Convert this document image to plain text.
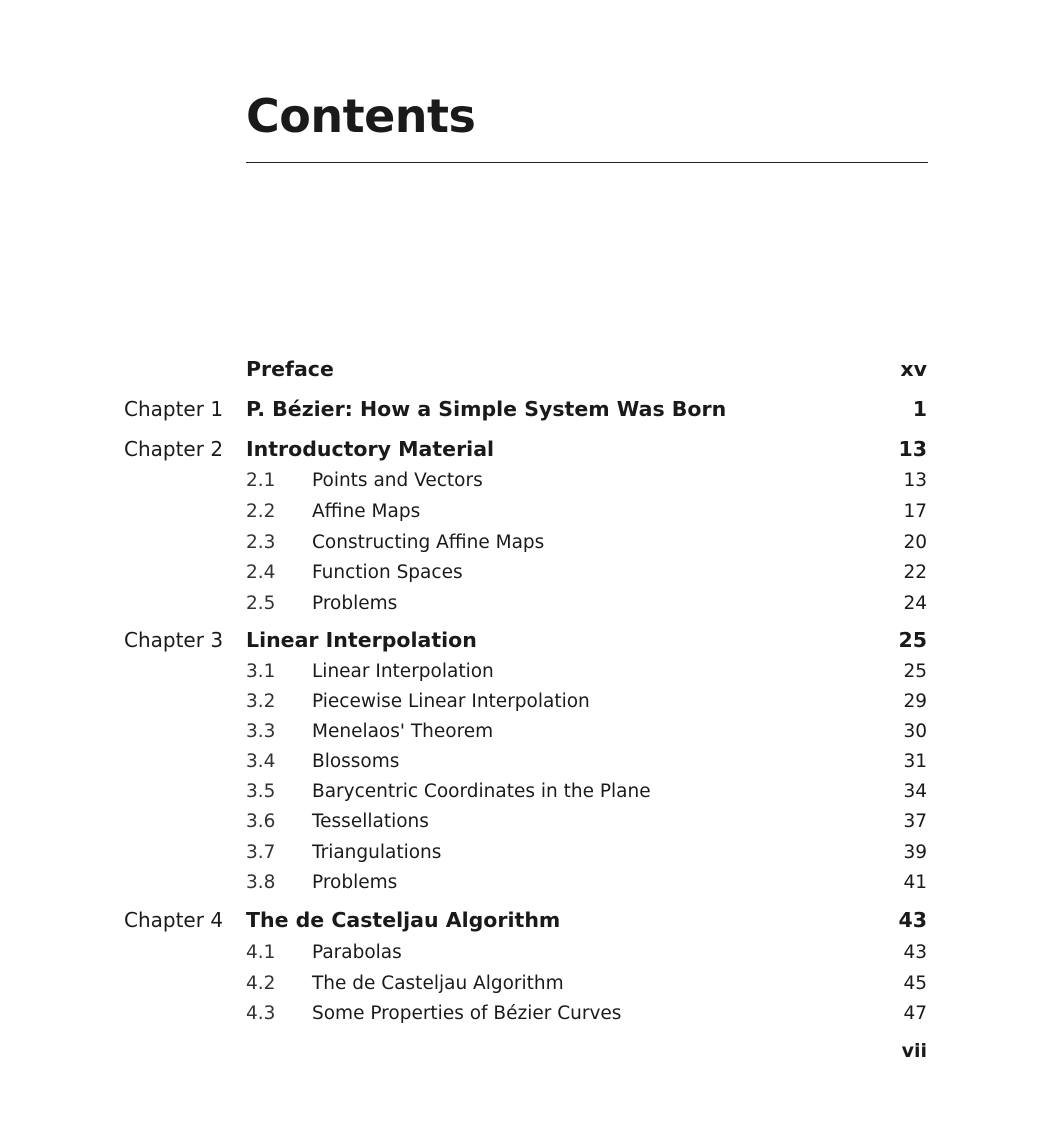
Contents
Preface	xv
Chapter 1 P. Bézier: How a Simple System Was Born	1
Chapter 2 Introductory Material	13
2.1 Points and Vectors	13
2.2 Affine Maps	17
2.3 Constructing Affine Maps	20
2.4 Function Spaces	22
2.5 Problems	24
Chapter 3 Linear Interpolation	25
3.1 Linear Interpolation	25
3.2 Piecewise Linear Interpolation	29
3.3 Menelaos' Theorem	30
3.4 Blossoms	31
3.5 Barycentric Coordinates in the Plane	34
3.6 Tessellations	37
3.7 Triangulations	39
3.8 Problems	41
Chapter 4 The de Casteljau Algorithm	43
4.1 Parabolas	43
4.2 The de Casteljau Algorithm	45
4.3 Some Properties of Bézier Curves	47
vii
